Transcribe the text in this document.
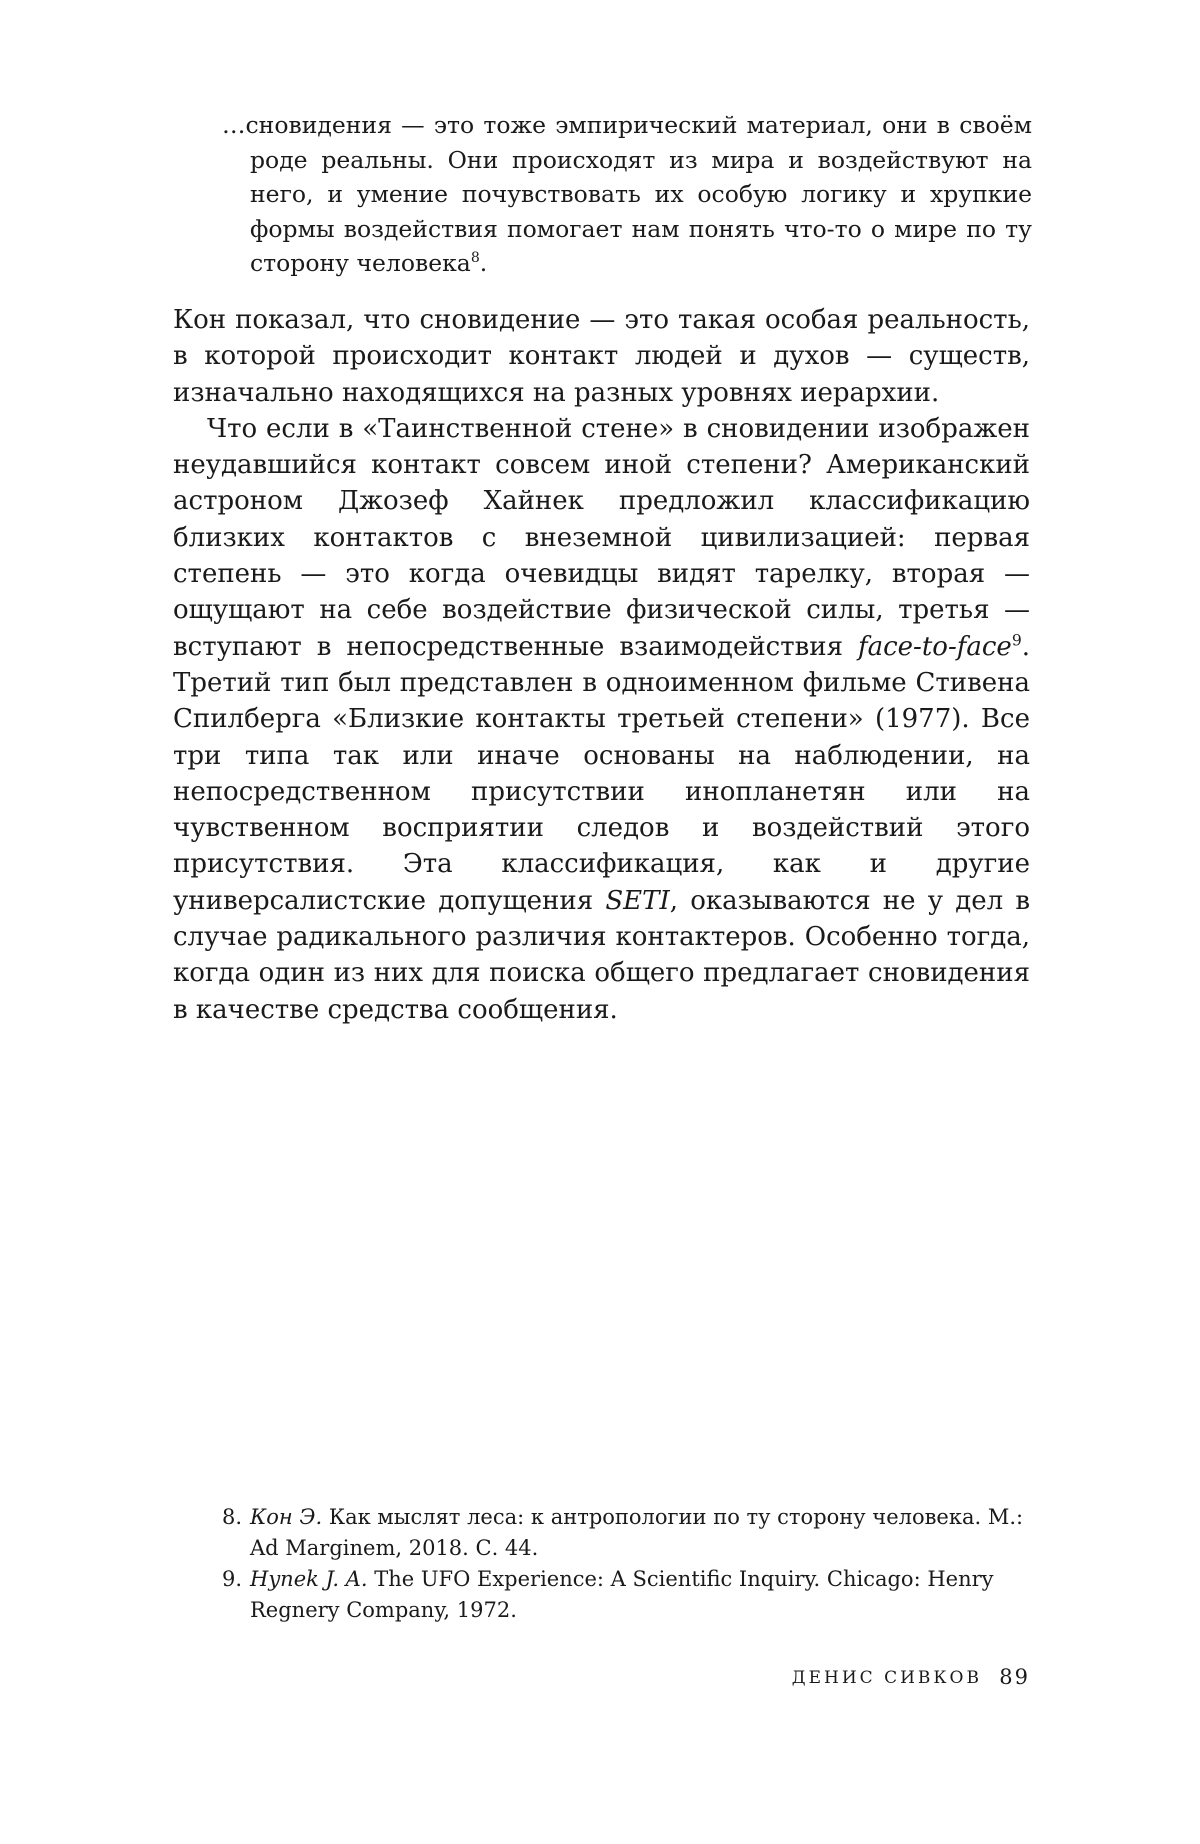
…сновидения — это тоже эмпирический материал, они в своём роде реальны. Они происходят из мира и воздействуют на него, и умение почувствовать их особую логику и хрупкие формы воздействия помогает нам понять что-то о мире по ту сторону человека$^8$.

Кон показал, что сновидение — это такая особая реальность, в которой происходит контакт людей и духов — существ, изначально находящихся на разных уровнях иерархии.

Что если в «Таинственной стене» в сновидении изображен неудавшийся контакт совсем иной степени? Американский астроном Джозеф Хайнек предложил классификацию близких контактов с внеземной цивилизацией: первая степень — это когда очевидцы видят тарелку, вторая — ощущают на себе воздействие физической силы, третья — вступают в непосредственные взаимодействия face-to-face$^9$. Третий тип был представлен в одноименном фильме Стивена Спилберга «Близкие контакты третьей степени» (1977). Все три типа так или иначе основаны на наблюдении, на непосредственном присутствии инопланетян или на чувственном восприятии следов и воздействий этого присутствия. Эта классификация, как и другие универсалистские допущения SETI, оказываются не у дел в случае радикального различия контактеров. Особенно тогда, когда один из них для поиска общего предлагает сновидения в качестве средства сообщения.

8. Кон Э. Как мыслят леса: к антропологии по ту сторону человека. М.: Ad Marginem, 2018. С. 44.
9. Hynek J. A. The UFO Experience: A Scientific Inquiry. Chicago: Henry Regnery Company, 1972.
ДЕНИС СИВКОВ 89
